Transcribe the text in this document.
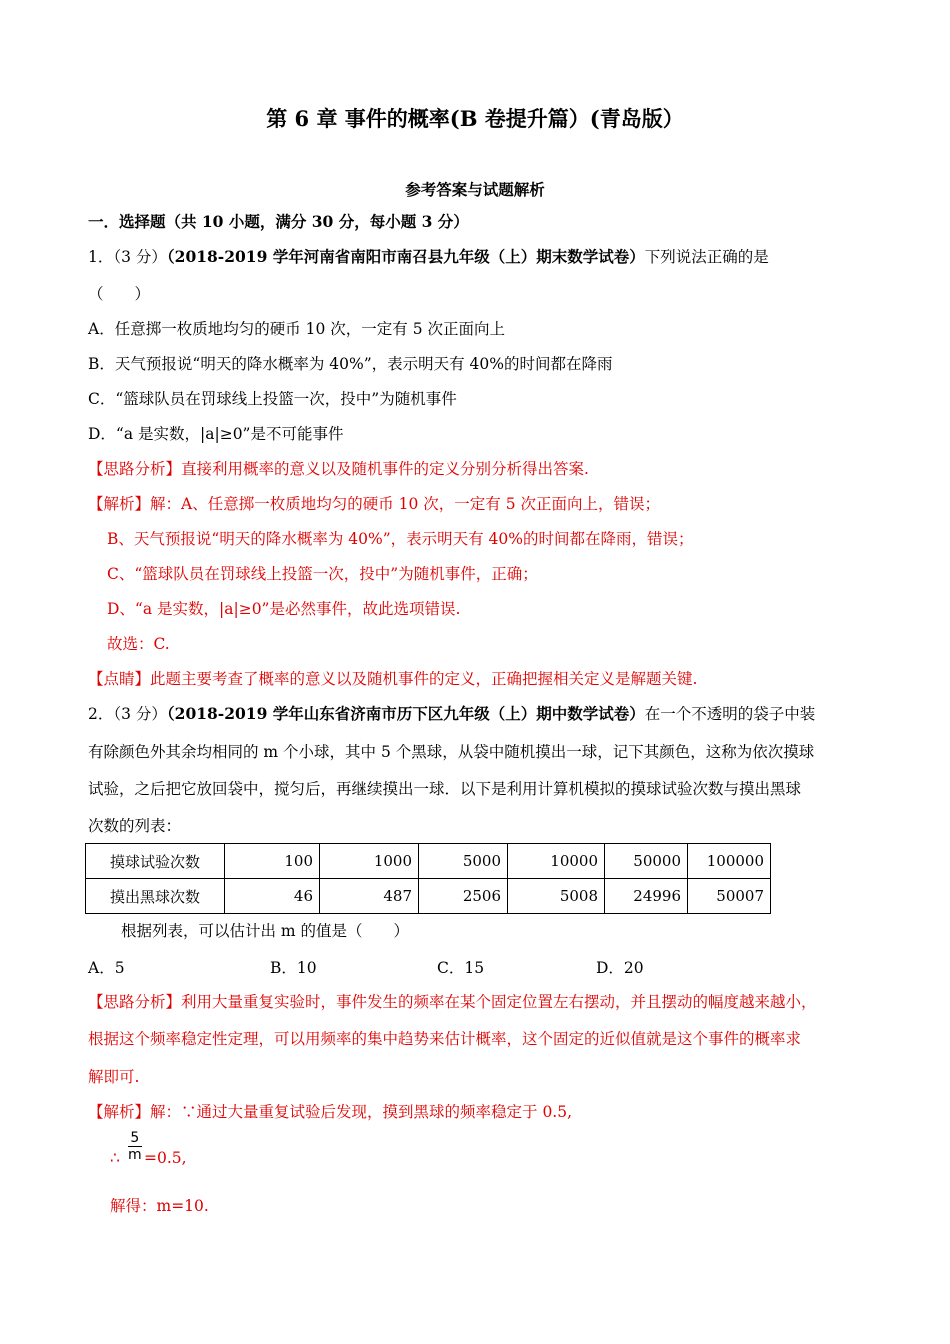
第 6 章 事件的概率(B 卷提升篇）(青岛版）
参考答案与试题解析
一．选择题（共 10 小题，满分 30 分，每小题 3 分）
1．（3 分）（2018-2019 学年河南省南阳市南召县九年级（上）期末数学试卷）下列说法正确的是
（　　）
A．任意掷一枚质地均匀的硬币 10 次，一定有 5 次正面向上
B．天气预报说“明天的降水概率为 40%”，表示明天有 40%的时间都在降雨
C．“篮球队员在罚球线上投篮一次，投中”为随机事件
D．“a 是实数，|a|≥0”是不可能事件
【思路分析】直接利用概率的意义以及随机事件的定义分别分析得出答案.
【解析】解：A、任意掷一枚质地均匀的硬币 10 次，一定有 5 次正面向上，错误；
B、天气预报说“明天的降水概率为 40%”，表示明天有 40%的时间都在降雨，错误；
C、“篮球队员在罚球线上投篮一次，投中”为随机事件，正确；
D、“a 是实数，|a|≥0”是必然事件，故此选项错误.
故选：C.
【点睛】此题主要考查了概率的意义以及随机事件的定义，正确把握相关定义是解题关键.
2．（3 分）（2018-2019 学年山东省济南市历下区九年级（上）期中数学试卷）在一个不透明的袋子中装
有除颜色外其余均相同的 m 个小球，其中 5 个黑球，从袋中随机摸出一球，记下其颜色，这称为依次摸球
试验，之后把它放回袋中，搅匀后，再继续摸出一球．以下是利用计算机模拟的摸球试验次数与摸出黑球
次数的列表：
摸球试验次数	100	1000	5000	10000	50000	100000
摸出黑球次数	46	487	2506	5008	24996	50007
根据列表，可以估计出 m 的值是（　　）
A．5	B．10	C．15	D．20
【思路分析】利用大量重复实验时，事件发生的频率在某个固定位置左右摆动，并且摆动的幅度越来越小，
根据这个频率稳定性定理，可以用频率的集中趋势来估计概率，这个固定的近似值就是这个事件的概率求
解即可.
【解析】解：∵通过大量重复试验后发现，摸到黑球的频率稳定于 0.5,
∴ $\frac{5}{m} =0.5$,
解得：m=10.
